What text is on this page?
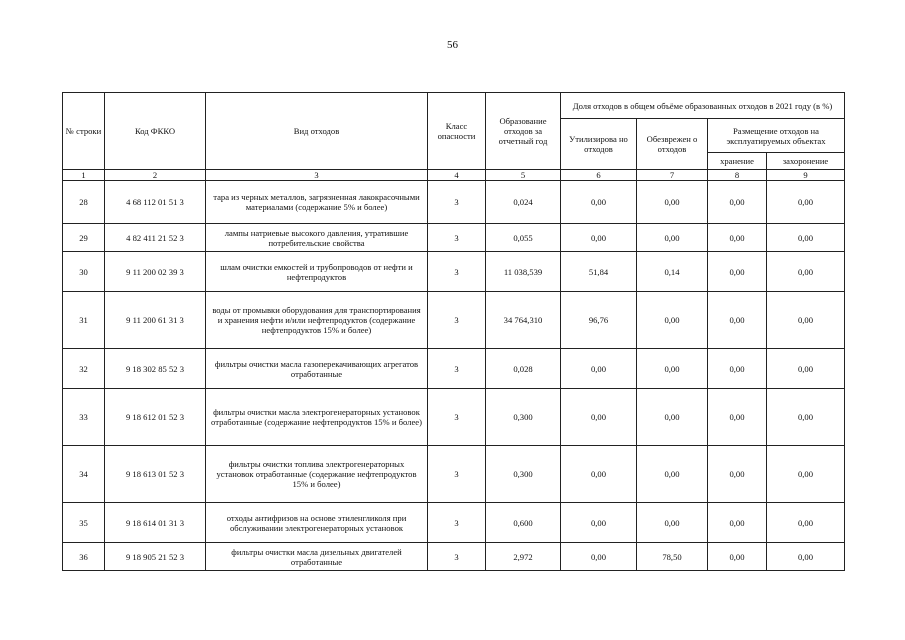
56
№ строки	Код ФККО	Вид отходов	Класс опасности	Образование отходов за отчетный год	Доля отходов в общем объёме образованных отходов в 2021 году (в %)			
					Утилизирова но отходов	Обезврежен о отходов	Размещение отходов на эксплуатируемых объектах	
							хранение	захоронение
1	2	3	4	5	6	7	8	9
28	4 68 112 01 51 3	тара из черных металлов, загрязненная лакокрасочными материалами (содержание 5% и более)	3	0,024	0,00	0,00	0,00	0,00
29	4 82 411 21 52 3	лампы натриевые высокого давления, утратившие потребительские свойства	3	0,055	0,00	0,00	0,00	0,00
30	9 11 200 02 39 3	шлам очистки емкостей и трубопроводов от нефти и нефтепродуктов	3	11 038,539	51,84	0,14	0,00	0,00
31	9 11 200 61 31 3	воды от промывки оборудования для транспортирования и хранения нефти и/или нефтепродуктов (содержание нефтепродуктов 15% и более)	3	34 764,310	96,76	0,00	0,00	0,00
32	9 18 302 85 52 3	фильтры очистки масла газоперекачивающих агрегатов отработанные	3	0,028	0,00	0,00	0,00	0,00
33	9 18 612 01 52 3	фильтры очистки масла электрогенераторных установок отработанные (содержание нефтепродуктов 15% и более)	3	0,300	0,00	0,00	0,00	0,00
34	9 18 613 01 52 3	фильтры очистки топлива электрогенераторных установок отработанные (содержание нефтепродуктов 15% и более)	3	0,300	0,00	0,00	0,00	0,00
35	9 18 614 01 31 3	отходы антифризов на основе этиленгликоля при обслуживании электрогенераторных установок	3	0,600	0,00	0,00	0,00	0,00
36	9 18 905 21 52 3	фильтры очистки масла дизельных двигателей отработанные	3	2,972	0,00	78,50	0,00	0,00
